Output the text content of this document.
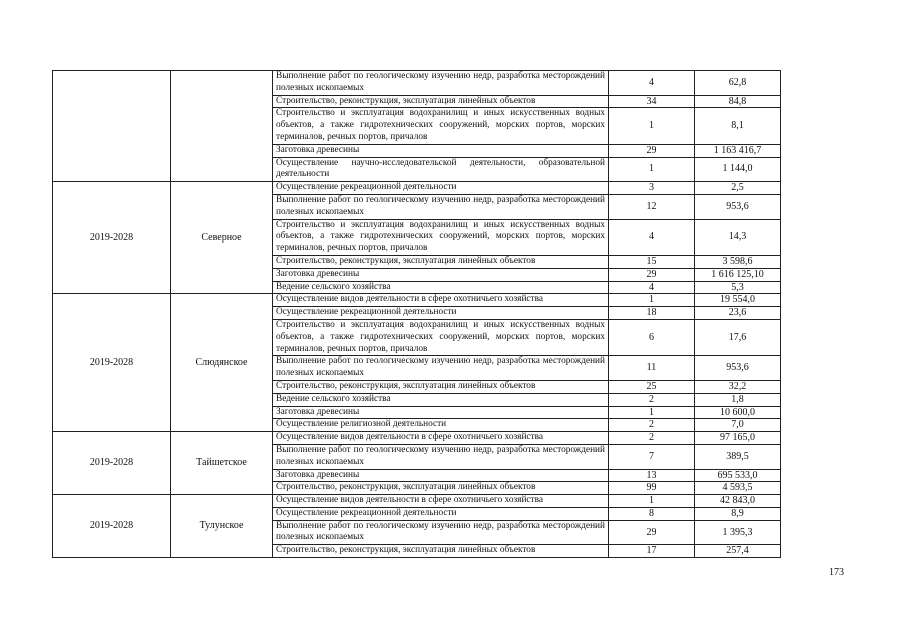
		Выполнение работ по геологическому изучению недр, разработка месторождений полезных ископаемых	4	62,8
		Строительство, реконструкция, эксплуатация линейных объектов	34	84,8
		Строительство и эксплуатация водохранилищ и иных искусственных водных объектов, а также гидротехнических сооружений, морских портов, морских терминалов, речных портов, причалов	1	8,1
		Заготовка древесины	29	1 163 416,7
		Осуществление научно-исследовательской деятельности, образовательной деятельности	1	1 144,0
2019-2028	Северное	Осуществление рекреационной деятельности	3	2,5
		Выполнение работ по геологическому изучению недр, разработка месторождений полезных ископаемых	12	953,6
		Строительство и эксплуатация водохранилищ и иных искусственных водных объектов, а также гидротехнических сооружений, морских портов, морских терминалов, речных портов, причалов	4	14,3
		Строительство, реконструкция, эксплуатация линейных объектов	15	3 598,6
		Заготовка древесины	29	1 616 125,10
		Ведение сельского хозяйства	4	5,3
2019-2028	Слюдянское	Осуществление видов деятельности в сфере охотничьего хозяйства	1	19 554,0
		Осуществление рекреационной деятельности	18	23,6
		Строительство и эксплуатация водохранилищ и иных искусственных водных объектов, а также гидротехнических сооружений, морских портов, морских терминалов, речных портов, причалов	6	17,6
		Выполнение работ по геологическому изучению недр, разработка месторождений полезных ископаемых	11	953,6
		Строительство, реконструкция, эксплуатация линейных объектов	25	32,2
		Ведение сельского хозяйства	2	1,8
		Заготовка древесины	1	10 600,0
		Осуществление религиозной деятельности	2	7,0
2019-2028	Тайшетское	Осуществление видов деятельности в сфере охотничьего хозяйства	2	97 165,0
		Выполнение работ по геологическому изучению недр, разработка месторождений полезных ископаемых	7	389,5
		Заготовка древесины	13	695 533,0
		Строительство, реконструкция, эксплуатация линейных объектов	99	4 593,5
2019-2028	Тулунское	Осуществление видов деятельности в сфере охотничьего хозяйства	1	42 843,0
		Осуществление рекреационной деятельности	8	8,9
		Выполнение работ по геологическому изучению недр, разработка месторождений полезных ископаемых	29	1 395,3
		Строительство, реконструкция, эксплуатация линейных объектов	17	257,4
173
